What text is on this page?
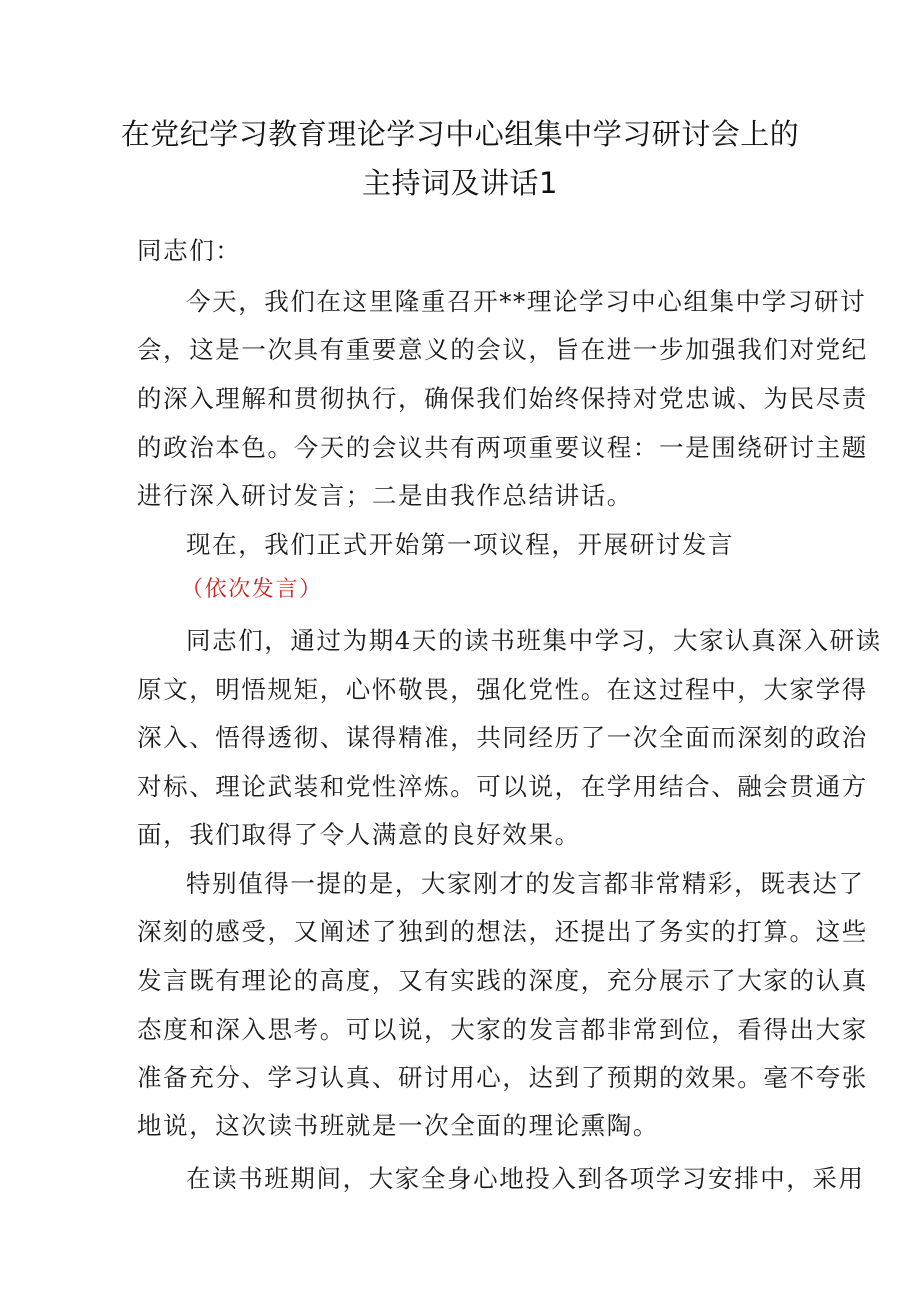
在党纪学习教育理论学习中心组集中学习研讨会上的
主持词及讲话1
同志们：
今天，我们在这里隆重召开**理论学习中心组集中学习研讨
会，这是一次具有重要意义的会议，旨在进一步加强我们对党纪
的深入理解和贯彻执行，确保我们始终保持对党忠诚、为民尽责
的政治本色。今天的会议共有两项重要议程：一是围绕研讨主题
进行深入研讨发言；二是由我作总结讲话。
现在，我们正式开始第一项议程，开展研讨发言
（依次发言）
同志们，通过为期4天的读书班集中学习，大家认真深入研读
原文，明悟规矩，心怀敬畏，强化党性。在这过程中，大家学得
深入、悟得透彻、谋得精准，共同经历了一次全面而深刻的政治
对标、理论武装和党性淬炼。可以说，在学用结合、融会贯通方
面，我们取得了令人满意的良好效果。
特别值得一提的是，大家刚才的发言都非常精彩，既表达了
深刻的感受，又阐述了独到的想法，还提出了务实的打算。这些
发言既有理论的高度，又有实践的深度，充分展示了大家的认真
态度和深入思考。可以说，大家的发言都非常到位，看得出大家
准备充分、学习认真、研讨用心，达到了预期的效果。毫不夸张
地说，这次读书班就是一次全面的理论熏陶。
在读书班期间，大家全身心地投入到各项学习安排中，采用
